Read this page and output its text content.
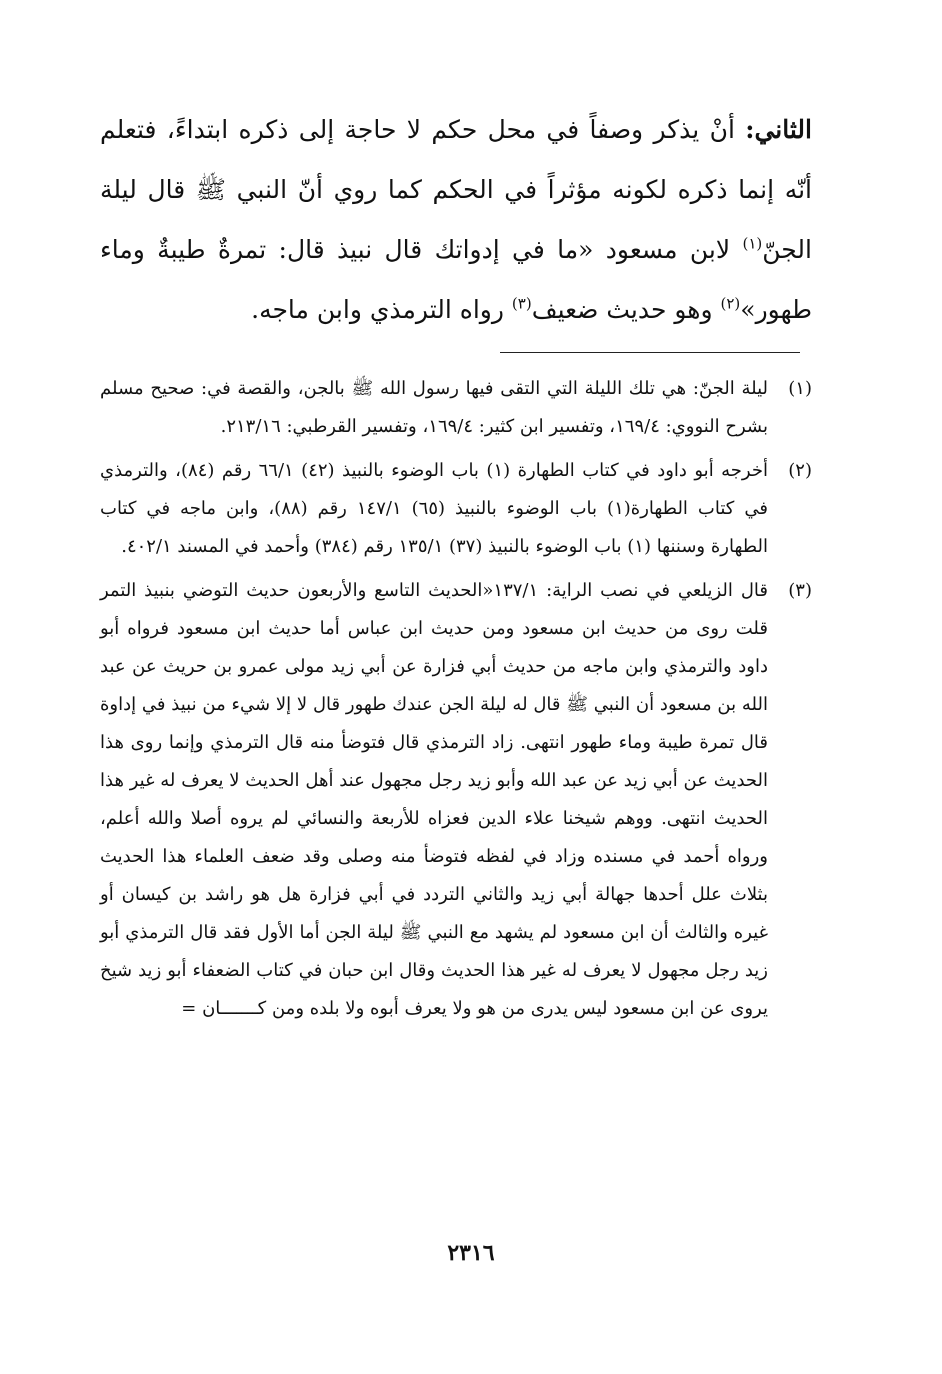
الثاني: أنْ يذكر وصفاً في محل حكم لا حاجة إلى ذكره ابتداءً، فتعلم أنّه إنما ذكره لكونه مؤثراً في الحكم كما روي أنّ النبي ﷺ قال ليلة الجنّ$^{(١)}$ لابن مسعود «ما في إدواتك قال نبيذ قال: تمرةٌ طيبةٌ وماء طهور»$^{(٢)}$ وهو حديث ضعيف$^{(٣)}$ رواه الترمذي وابن ماجه.
(١)
ليلة الجنّ: هي تلك الليلة التي التقى فيها رسول الله ﷺ بالجن، والقصة في: صحيح مسلم بشرح النووي: ١٦٩/٤، وتفسير ابن كثير: ١٦٩/٤، وتفسير القرطبي: ٢١٣/١٦.
(٢)
أخرجه أبو داود في كتاب الطهارة (١) باب الوضوء بالنبيذ (٤٢) ٦٦/١ رقم (٨٤)، والترمذي في كتاب الطهارة(١) باب الوضوء بالنبيذ (٦٥) ١٤٧/١ رقم (٨٨)، وابن ماجه في كتاب الطهارة وسننها (١) باب الوضوء بالنبيذ (٣٧) ١٣٥/١ رقم (٣٨٤) وأحمد في المسند ٤٠٢/١.
(٣)
قال الزيلعي في نصب الراية: ١٣٧/١«الحديث التاسع والأربعون حديث التوضي بنبيذ التمر قلت روى من حديث ابن مسعود ومن حديث ابن عباس أما حديث ابن مسعود فرواه أبو داود والترمذي وابن ماجه من حديث أبي فزارة عن أبي زيد مولى عمرو بن حريث عن عبد الله بن مسعود أن النبي ﷺ قال له ليلة الجن عندك طهور قال لا إلا شيء من نبيذ في إداوة قال تمرة طيبة وماء طهور انتهى. زاد الترمذي قال فتوضأ منه قال الترمذي وإنما روى هذا الحديث عن أبي زيد عن عبد الله وأبو زيد رجل مجهول عند أهل الحديث لا يعرف له غير هذا الحديث انتهى. ووهم شيخنا علاء الدين فعزاه للأربعة والنسائي لم يروه أصلا والله أعلم، ورواه أحمد في مسنده وزاد في لفظه فتوضأ منه وصلى وقد ضعف العلماء هذا الحديث بثلاث علل أحدها جهالة أبي زيد والثاني التردد في أبي فزارة هل هو راشد بن كيسان أو غيره والثالث أن ابن مسعود لم يشهد مع النبي ﷺ ليلة الجن أما الأول فقد قال الترمذي أبو زيد رجل مجهول لا يعرف له غير هذا الحديث وقال ابن حبان في كتاب الضعفاء أبو زيد شيخ يروى عن ابن مسعود ليس يدرى من هو ولا يعرف أبوه ولا بلده ومن كـــــــان =
٢٣١٦
